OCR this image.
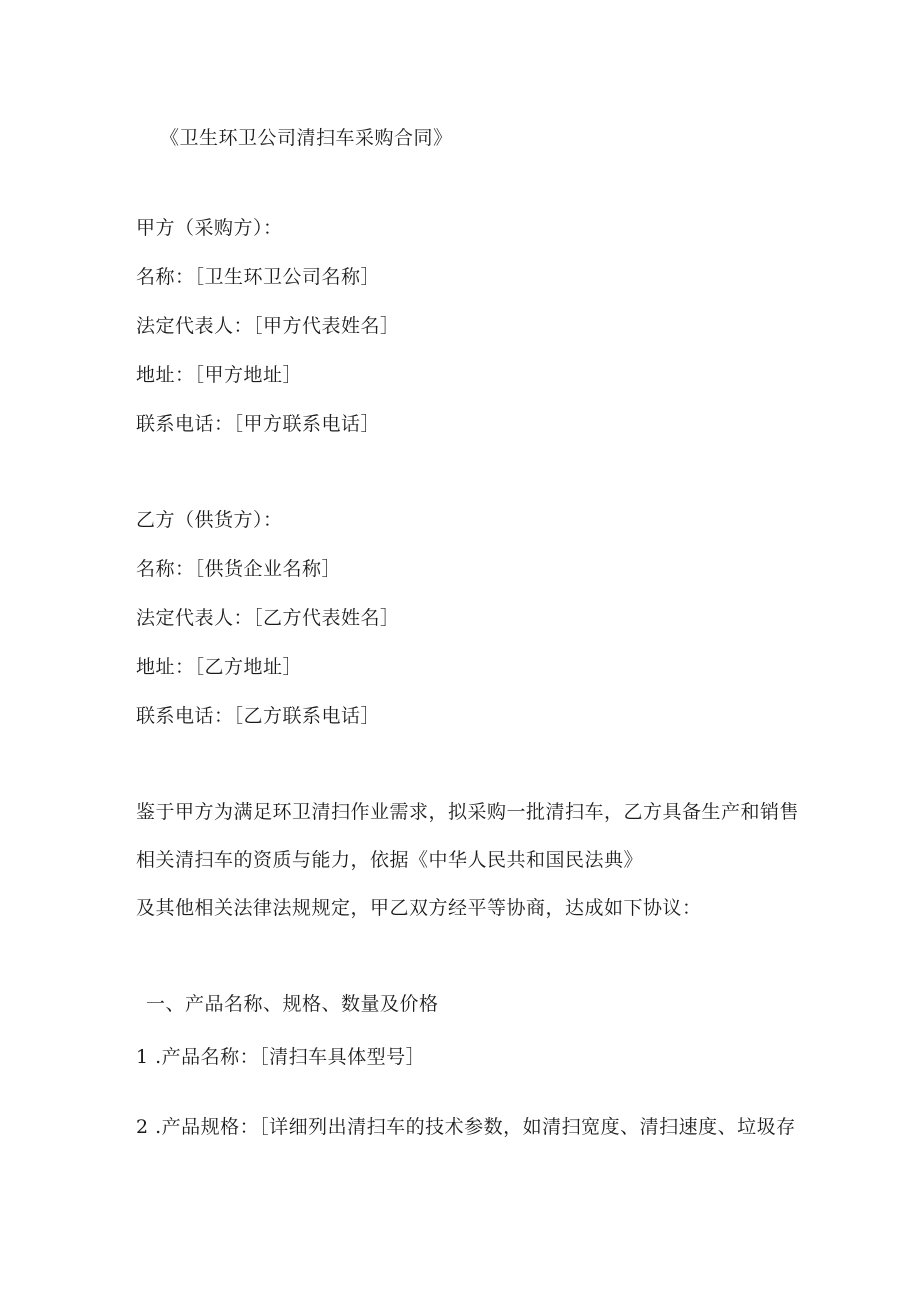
《卫生环卫公司清扫车采购合同》
甲方（采购方）：
名称：［卫生环卫公司名称］
法定代表人：［甲方代表姓名］
地址：［甲方地址］
联系电话：［甲方联系电话］
乙方（供货方）：
名称：［供货企业名称］
法定代表人：［乙方代表姓名］
地址：［乙方地址］
联系电话：［乙方联系电话］
鉴于甲方为满足环卫清扫作业需求，拟采购一批清扫车，乙方具备生产和销售
相关清扫车的资质与能力，依据《中华人民共和国民法典》
及其他相关法律法规规定，甲乙双方经平等协商，达成如下协议：
一、产品名称、规格、数量及价格
1 .产品名称：［清扫车具体型号］
2 .产品规格：［详细列出清扫车的技术参数，如清扫宽度、清扫速度、垃圾存
